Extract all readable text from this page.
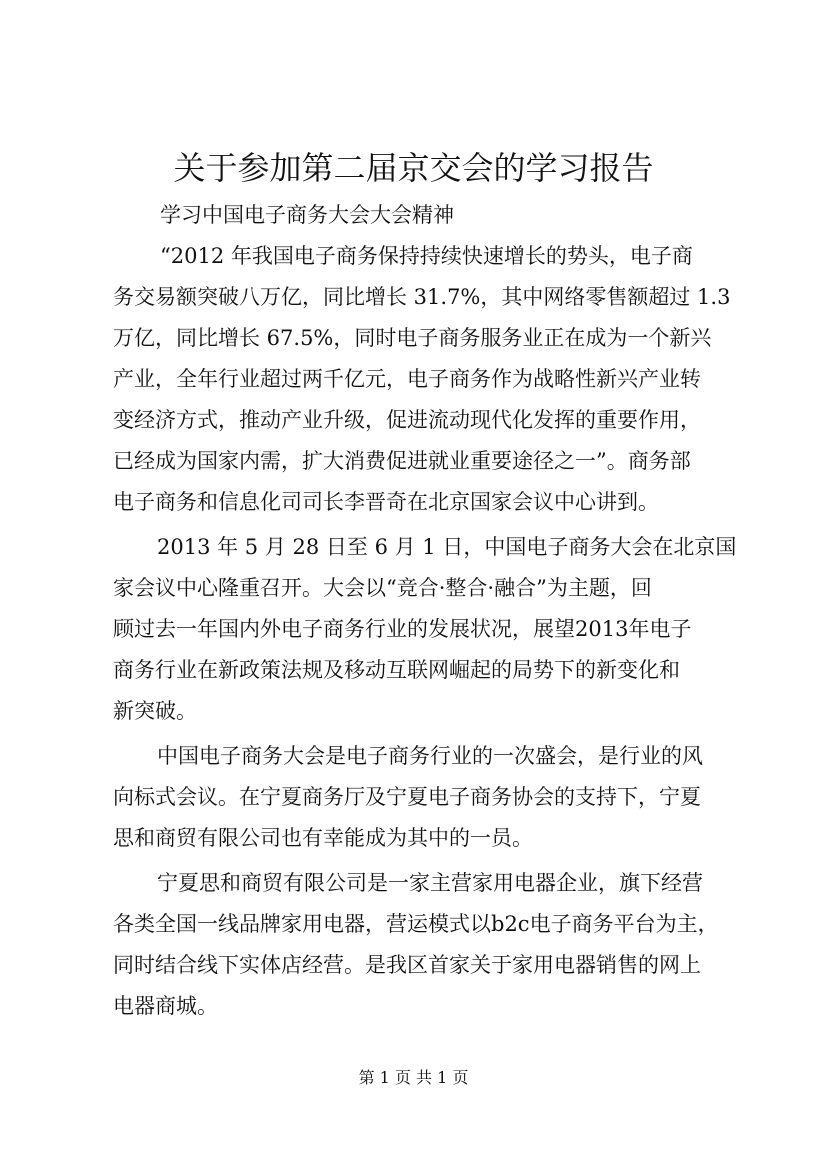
关于参加第二届京交会的学习报告
学习中国电子商务大会大会精神
“2012 年我国电子商务保持持续快速增长的势头，电子商
务交易额突破八万亿，同比增长 31.7%，其中网络零售额超过 1.3
万亿，同比增长 67.5%，同时电子商务服务业正在成为一个新兴
产业，全年行业超过两千亿元，电子商务作为战略性新兴产业转
变经济方式，推动产业升级，促进流动现代化发挥的重要作用，
已经成为国家内需，扩大消费促进就业重要途径之一”。商务部
电子商务和信息化司司长李晋奇在北京国家会议中心讲到。
2013 年 5 月 28 日至 6 月 1 日，中国电子商务大会在北京国
家会议中心隆重召开。大会以“竞合·整合·融合”为主题，回
顾过去一年国内外电子商务行业的发展状况，展望2013年电子
商务行业在新政策法规及移动互联网崛起的局势下的新变化和
新突破。
中国电子商务大会是电子商务行业的一次盛会，是行业的风
向标式会议。在宁夏商务厅及宁夏电子商务协会的支持下，宁夏
思和商贸有限公司也有幸能成为其中的一员。
宁夏思和商贸有限公司是一家主营家用电器企业，旗下经营
各类全国一线品牌家用电器，营运模式以b2c电子商务平台为主，
同时结合线下实体店经营。是我区首家关于家用电器销售的网上
电器商城。
第 1 页 共 1 页
